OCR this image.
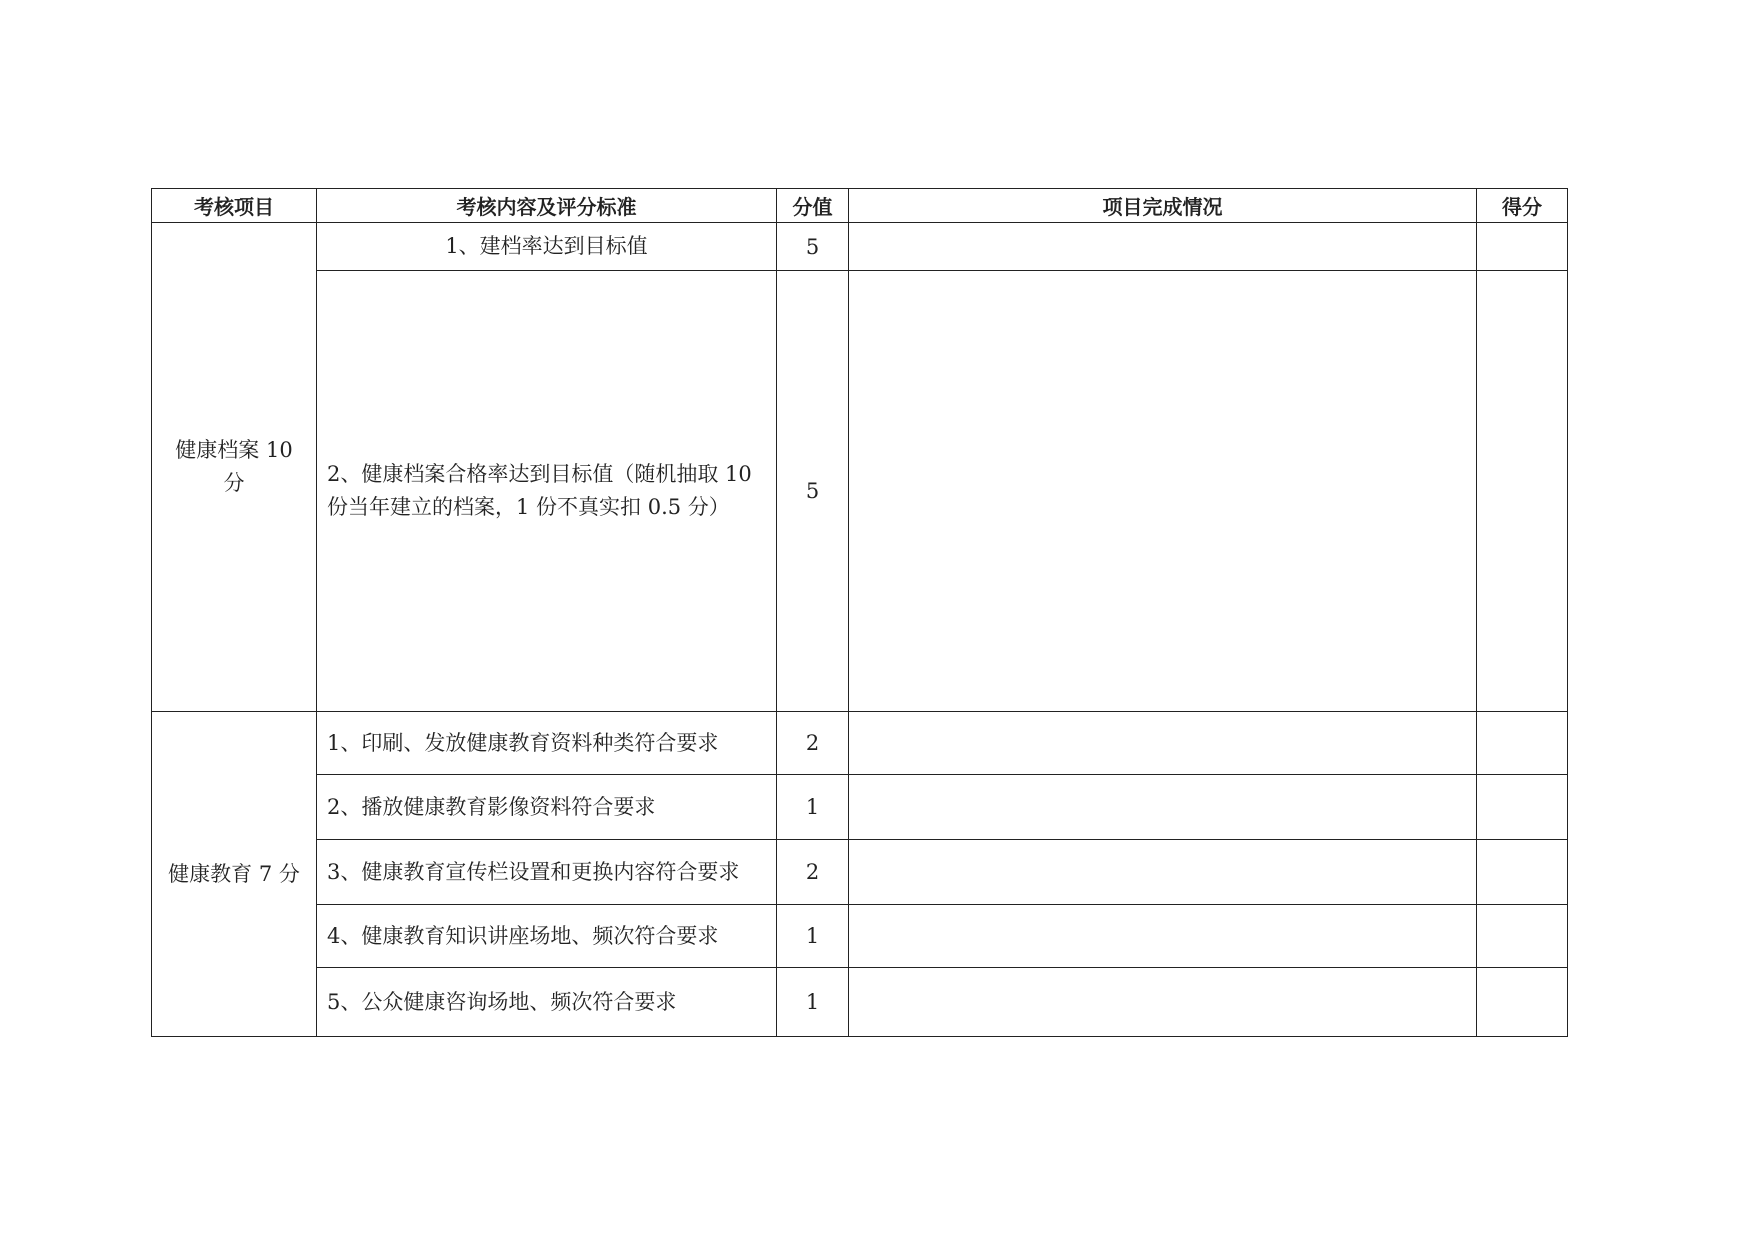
考核项目	考核内容及评分标准	分值	项目完成情况	得分
健康档案 10 分	1、建档率达到目标值	5		
	2、健康档案合格率达到目标值（随机抽取 10 份当年建立的档案，1 份不真实扣 0.5 分）	5		
健康教育 7 分	1、印刷、发放健康教育资料种类符合要求	2		
	2、播放健康教育影像资料符合要求	1		
	3、健康教育宣传栏设置和更换内容符合要求	2		
	4、健康教育知识讲座场地、频次符合要求	1		
	5、公众健康咨询场地、频次符合要求	1		
